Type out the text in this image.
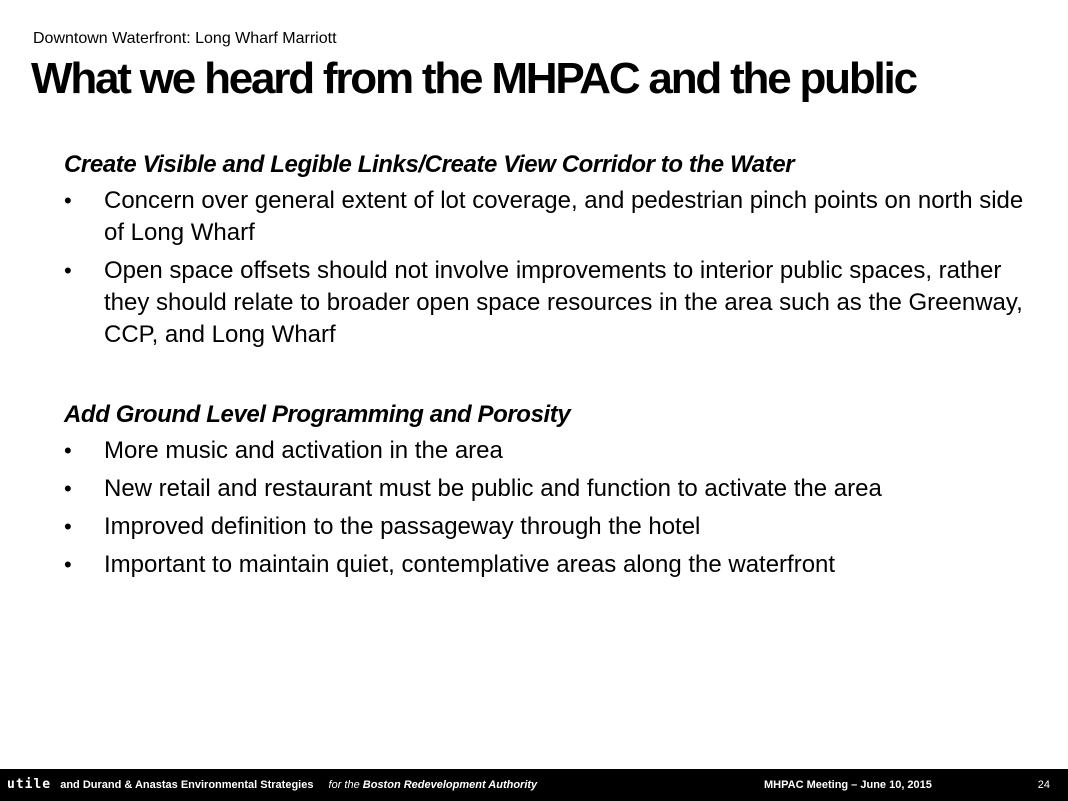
Downtown Waterfront: Long Wharf Marriott
What we heard from the MHPAC and the public
Create Visible and Legible Links/Create View Corridor to the Water
• Concern over general extent of lot coverage, and pedestrian pinch points on north side of Long Wharf
• Open space offsets should not involve improvements to interior public spaces, rather they should relate to broader open space resources in the area such as the Greenway, CCP, and Long Wharf
Add Ground Level Programming and Porosity
• More music and activation in the area
• New retail and restaurant must be public and function to activate the area
• Improved definition to the passageway through the hotel
• Important to maintain quiet, contemplative areas along the waterfront
utile and Durand & Anastas Environmental Strategies for the Boston Redevelopment Authority	MHPAC Meeting – June 10, 2015	24
